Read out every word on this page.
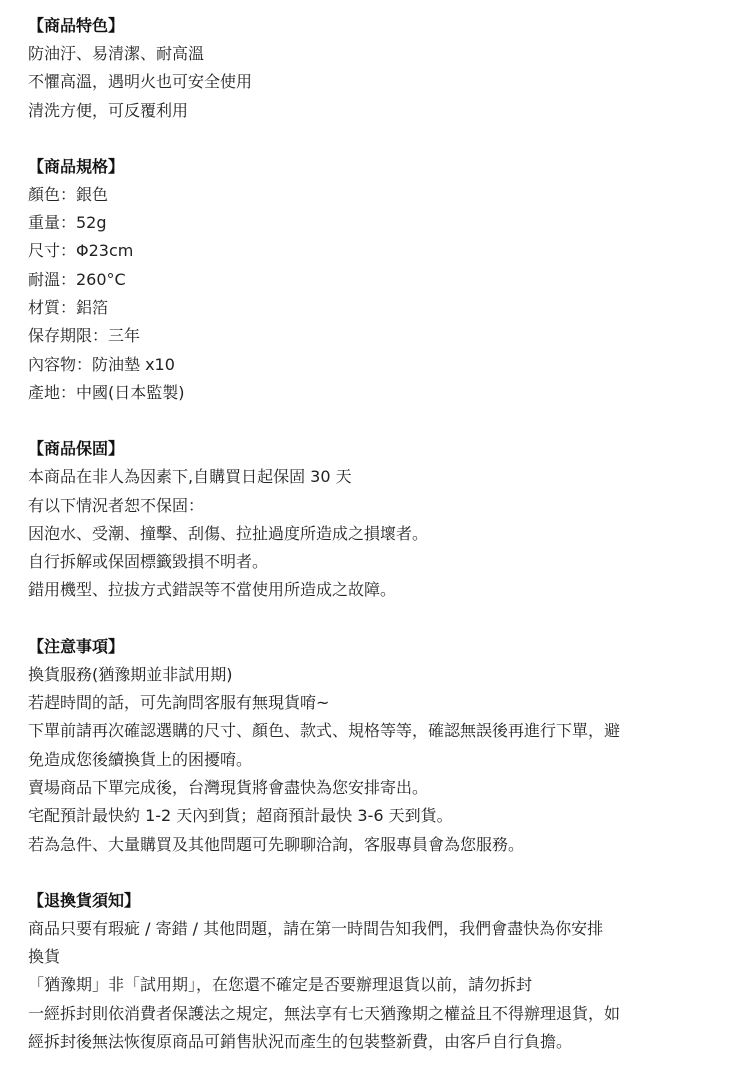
【商品特色】

防油汙、易清潔、耐高溫

不懼高溫，遇明火也可安全使用

清洗方便，可反覆利用

【商品規格】

顏色：銀色

重量：52g

尺寸：Φ23cm

耐溫：260°C

材質：鋁箔

保存期限：三年

內容物：防油墊 x10

產地：中國(日本監製)

【商品保固】

本商品在非人為因素下,自購買日起保固 30 天

有以下情況者恕不保固：

因泡水、受潮、撞擊、刮傷、拉扯過度所造成之損壞者。

自行拆解或保固標籤毀損不明者。

錯用機型、拉拔方式錯誤等不當使用所造成之故障。

【注意事項】

換貨服務(猶豫期並非試用期)

若趕時間的話，可先詢問客服有無現貨唷~

下單前請再次確認選購的尺寸、顏色、款式、規格等等，確認無誤後再進行下單，避

免造成您後續換貨上的困擾唷。

賣場商品下單完成後，台灣現貨將會盡快為您安排寄出。

宅配預計最快約 1-2 天內到貨；超商預計最快 3-6 天到貨。

若為急件、大量購買及其他問題可先聊聊洽詢，客服專員會為您服務。

【退換貨須知】

商品只要有瑕疵 / 寄錯 / 其他問題，請在第一時間告知我們，我們會盡快為你安排

換貨

「猶豫期」非「試用期」，在您還不確定是否要辦理退貨以前，請勿拆封

一經拆封則依消費者保護法之規定，無法享有七天猶豫期之權益且不得辦理退貨，如

經拆封後無法恢復原商品可銷售狀況而產生的包裝整新費，由客戶自行負擔。
